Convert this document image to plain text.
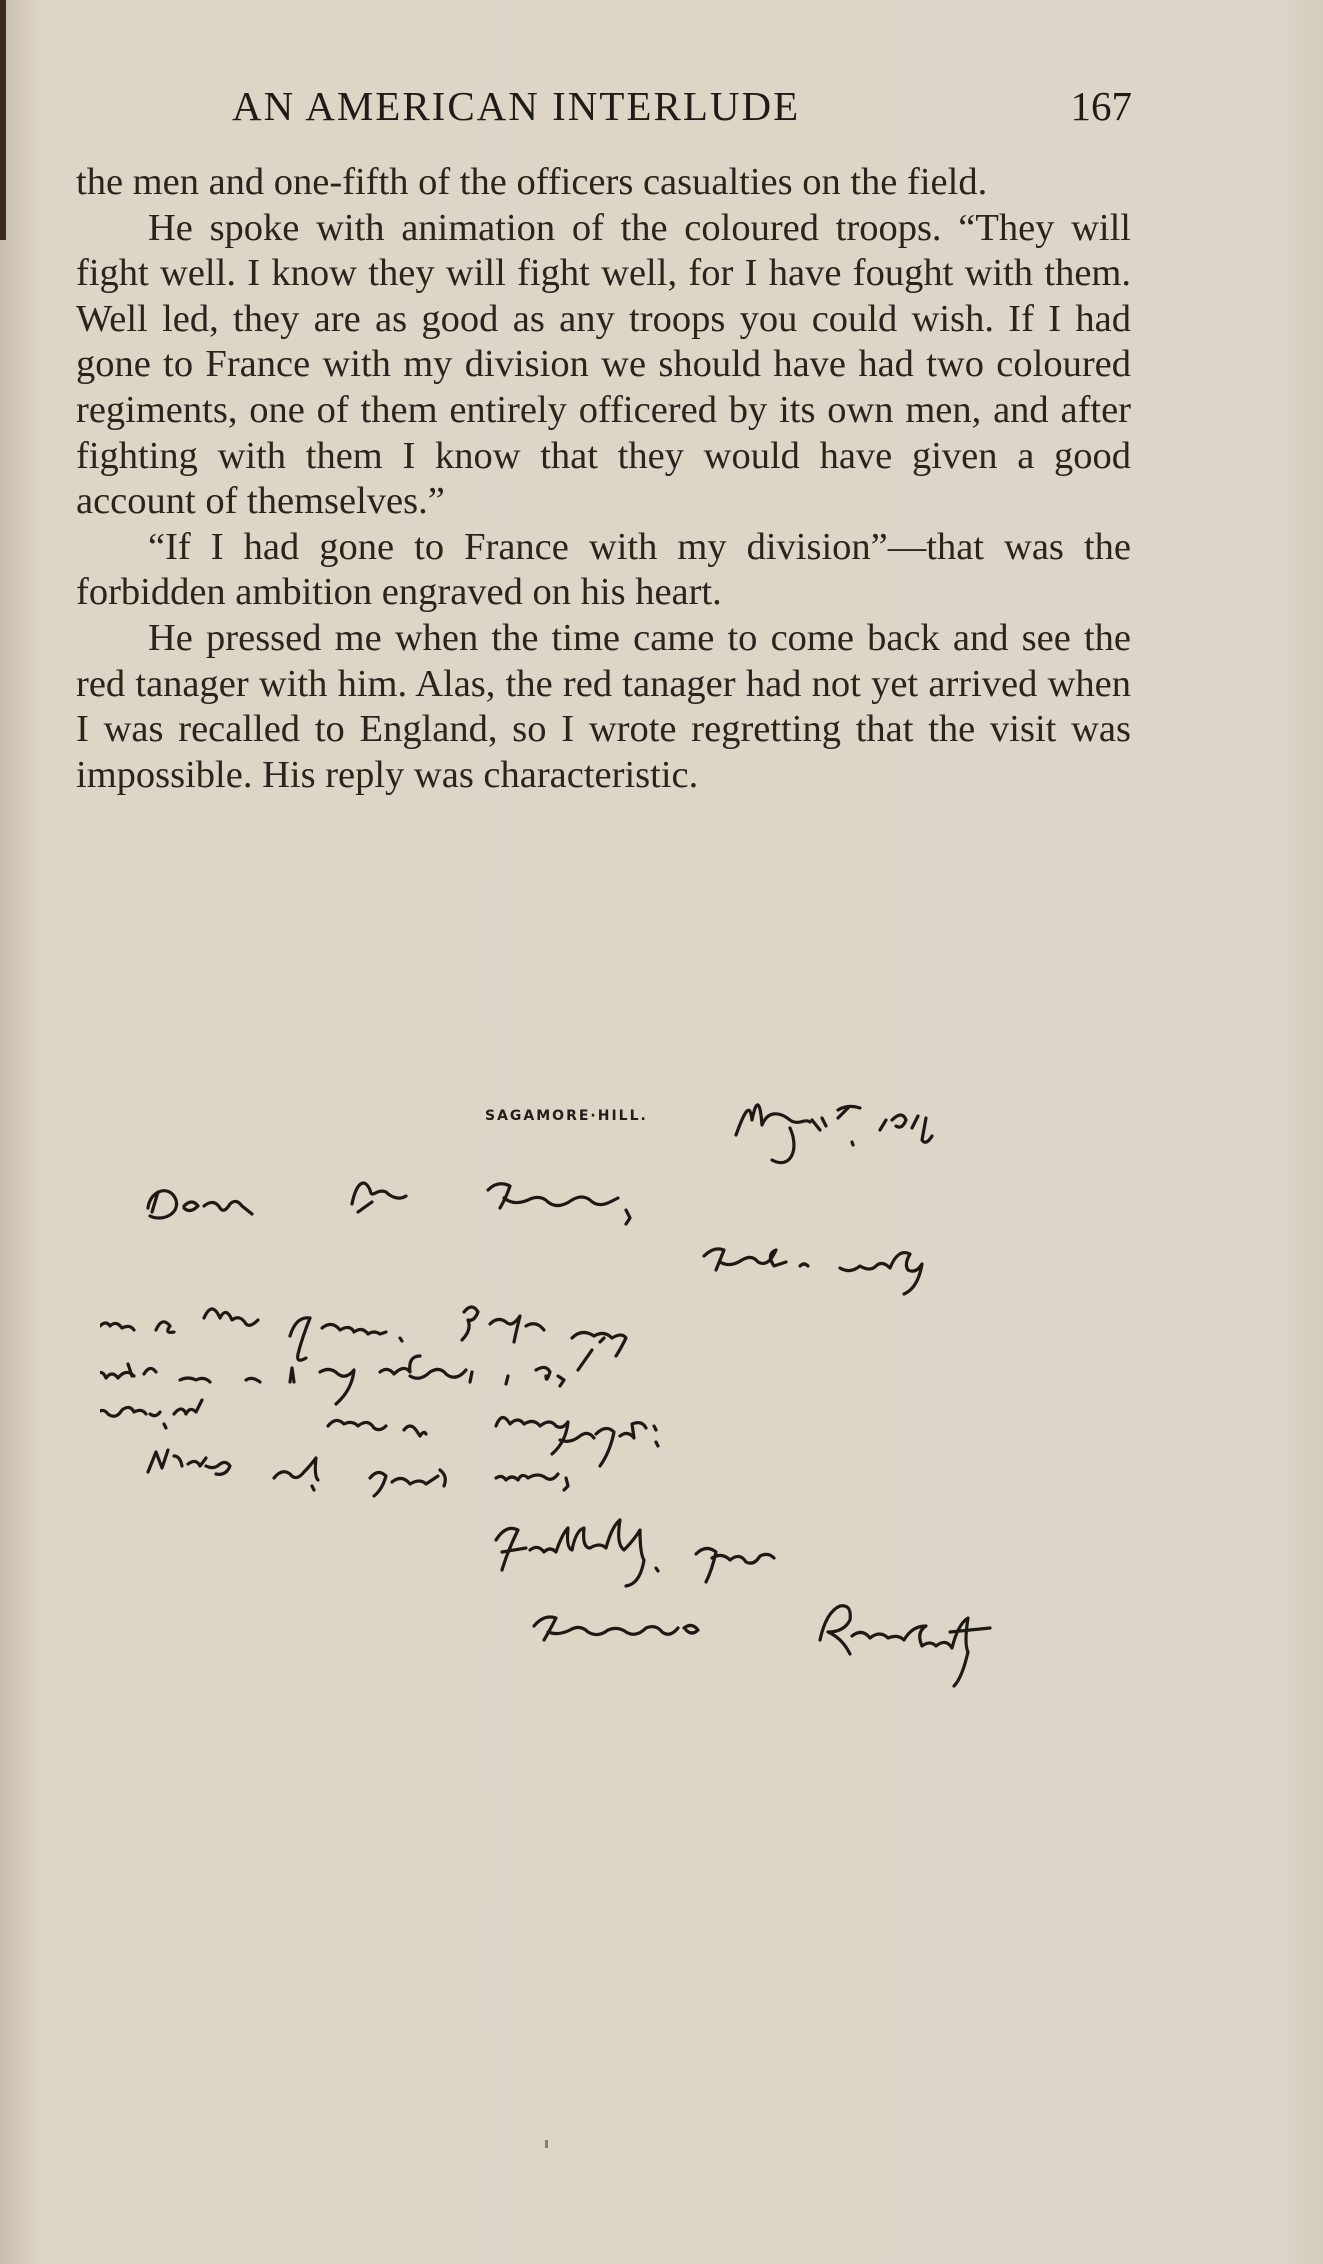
AN AMERICAN INTERLUDE	167

the men and one-fifth of the officers casualties on the field.

He spoke with animation of the coloured troops. “They will fight well. I know they will fight well, for I have fought with them. Well led, they are as good as any troops you could wish. If I had gone to France with my division we should have had two coloured regiments, one of them entirely officered by its own men, and after fighting with them I know that they would have given a good account of themselves.”

“If I had gone to France with my division”—that was the forbidden ambition engraved on his heart.

He pressed me when the time came to come back and see the red tanager with him. Alas, the red tanager had not yet arrived when I was recalled to England, so I wrote regretting that the visit was impossible. His reply was characteristic.

SAGAMORE·HILL.
